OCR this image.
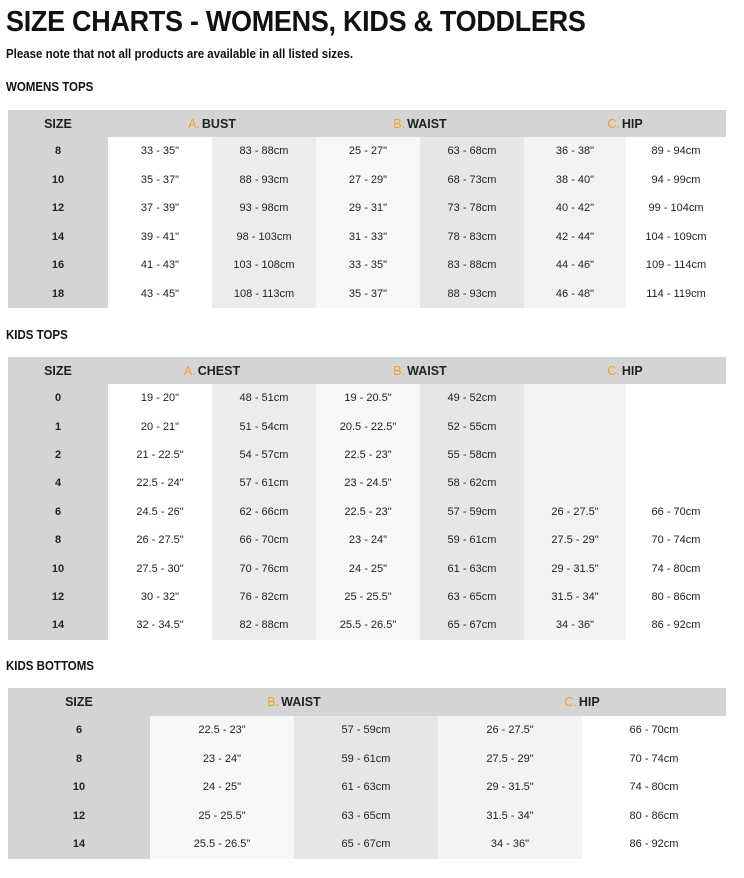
SIZE CHARTS - WOMENS, KIDS & TODDLERS

Please note that not all products are available in all listed sizes.

WOMENS TOPS

SIZE	A. BUST		B. WAIST		C. HIP	
8	33 - 35"	83 - 88cm	25 - 27"	63 - 68cm	36 - 38"	89 - 94cm
10	35 - 37"	88 - 93cm	27 - 29"	68 - 73cm	38 - 40"	94 - 99cm
12	37 - 39"	93 - 98cm	29 - 31"	73 - 78cm	40 - 42"	99 - 104cm
14	39 - 41"	98 - 103cm	31 - 33"	78 - 83cm	42 - 44"	104 - 109cm
16	41 - 43"	103 - 108cm	33 - 35"	83 - 88cm	44 - 46"	109 - 114cm
18	43 - 45"	108 - 113cm	35 - 37"	88 - 93cm	46 - 48"	114 - 119cm

KIDS TOPS

SIZE	A. CHEST		B. WAIST		C. HIP	
0	19 - 20"	48 - 51cm	19 - 20.5"	49 - 52cm		
1	20 - 21"	51 - 54cm	20.5 - 22.5"	52 - 55cm		
2	21 - 22.5"	54 - 57cm	22.5 - 23"	55 - 58cm		
4	22.5 - 24"	57 - 61cm	23 - 24.5"	58 - 62cm		
6	24.5 - 26"	62 - 66cm	22.5 - 23"	57 - 59cm	26 - 27.5"	66 - 70cm
8	26 - 27.5"	66 - 70cm	23 - 24"	59 - 61cm	27.5 - 29"	70 - 74cm
10	27.5 - 30"	70 - 76cm	24 - 25"	61 - 63cm	29 - 31.5"	74 - 80cm
12	30 - 32"	76 - 82cm	25 - 25.5"	63 - 65cm	31.5 - 34"	80 - 86cm
14	32 - 34.5"	82 - 88cm	25.5 - 26.5"	65 - 67cm	34 - 36"	86 - 92cm

KIDS BOTTOMS

SIZE	B. WAIST		C. HIP	
6	22.5 - 23"	57 - 59cm	26 - 27.5"	66 - 70cm
8	23 - 24"	59 - 61cm	27.5 - 29"	70 - 74cm
10	24 - 25"	61 - 63cm	29 - 31.5"	74 - 80cm
12	25 - 25.5"	63 - 65cm	31.5 - 34"	80 - 86cm
14	25.5 - 26.5"	65 - 67cm	34 - 36"	86 - 92cm
